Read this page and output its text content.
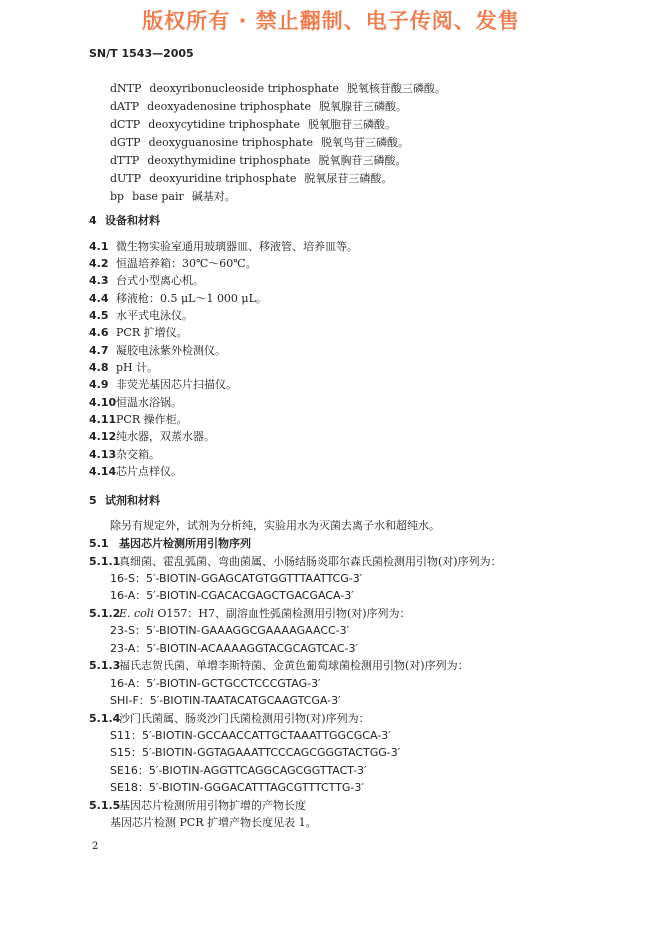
版权所有 · 禁止翻制、电子传阅、发售
SN/T 1543—2005
dNTP deoxyribonucleoside triphosphate 脱氧核苷酸三磷酸。
dATP deoxyadenosine triphosphate 脱氧腺苷三磷酸。
dCTP deoxycytidine triphosphate 脱氧胞苷三磷酸。
dGTP deoxyguanosine triphosphate 脱氧鸟苷三磷酸。
dTTP deoxythymidine triphosphate 脱氧胸苷三磷酸。
dUTP deoxyuridine triphosphate 脱氧尿苷三磷酸。
bp base pair 碱基对。
4 设备和材料
4.1 微生物实验室通用玻璃器皿、移液管、培养皿等。
4.2 恒温培养箱：30℃～60℃。
4.3 台式小型离心机。
4.4 移液枪：0.5 μL～1 000 μL。
4.5 水平式电泳仪。
4.6 PCR 扩增仪。
4.7 凝胶电泳紫外检测仪。
4.8 pH 计。
4.9 非荧光基因芯片扫描仪。
4.10恒温水浴锅。
4.11PCR 操作柜。
4.12纯水器，双蒸水器。
4.13杂交箱。
4.14芯片点样仪。
5 试剂和材料
除另有规定外，试剂为分析纯，实验用水为灭菌去离子水和超纯水。
5.1 基因芯片检测所用引物序列
5.1.1真细菌、霍乱弧菌、弯曲菌属、小肠结肠炎耶尔森氏菌检测用引物(对)序列为：
16-S：5′-BIOTIN-GGAGCATGTGGTTTAATTCG-3′
16-A：5′-BIOTIN-CGACACGAGCTGACGACA-3′
5.1.2E. coli O157：H7、副溶血性弧菌检测用引物(对)序列为：
23-S：5′-BIOTIN-GAAAGGCGAAAAGAACC-3′
23-A：5′-BIOTIN-ACAAAAGGTACGCAGTCAC-3′
5.1.3福氏志贺氏菌、单增李斯特菌、金黄色葡萄球菌检测用引物(对)序列为：
16-A：5′-BIOTIN-GCTGCCTCCCGTAG-3′
SHI-F：5′-BIOTIN-TAATACATGCAAGTCGA-3′
5.1.4沙门氏菌属、肠炎沙门氏菌检测用引物(对)序列为：
S11：5′-BIOTIN-GCCAACCATTGCTAAATTGGCGCA-3′
S15：5′-BIOTIN-GGTAGAAATTCCCAGCGGGTACTGG-3′
SE16：5′-BIOTIN-AGGTTCAGGCAGCGGTTACT-3′
SE18：5′-BIOTIN-GGGACATTTAGCGTTTCTTG-3′
5.1.5基因芯片检测所用引物扩增的产物长度
基因芯片检测 PCR 扩增产物长度见表 1。
2
